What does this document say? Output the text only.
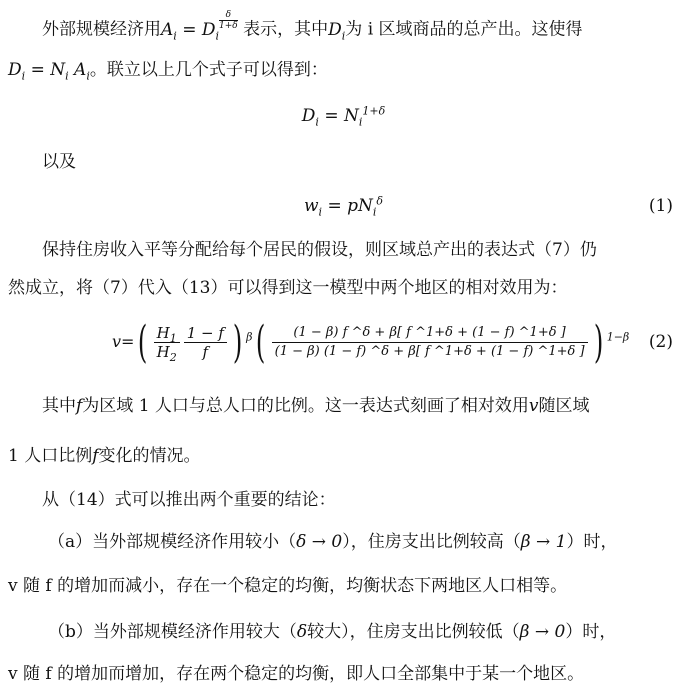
外部规模经济用$A_i = D_i$
$\frac{\delta}{1+\delta}$ 表示，其中$D_i$为 i 区域商品的总产出。这使得
$D_i = N_i$ $A_i$。联立以上几个式子可以得到：
$D_i = N_i^{1+\delta}$
以及
$w_i = pN_i^\delta$	(1)
保持住房收入平等分配给每个居民的假设，则区域总产出的表达式（7）仍
然成立，将（7）代入（13）可以得到这一模型中两个地区的相对效用为：
$v=( \frac{H_1}{H_2} \frac{1 - f}{f}$ ) $^\beta( \frac{(1 - \beta) f \^{}\delta + \beta[ f \^{}1+\delta + (1 - f) \^{}1+\delta ]}{(1 - \beta) (1 - f) \^{}\delta + \beta[ f \^{}1+\delta + (1 - f) \^{}1+\delta ]}$ ) $^{1-\beta}$ (2)
其中f为区域 1 人口与总人口的比例。这一表达式刻画了相对效用v随区域
1 人口比例f变化的情况。
从（14）式可以推出两个重要的结论：
（a）当外部规模经济作用较小（δ → 0），住房支出比例较高（β → 1）时，
v 随 f 的增加而减小，存在一个稳定的均衡，均衡状态下两地区人口相等。
（b）当外部规模经济作用较大（δ较大），住房支出比例较低（β → 0）时，
v 随 f 的增加而增加，存在两个稳定的均衡，即人口全部集中于某一个地区。
